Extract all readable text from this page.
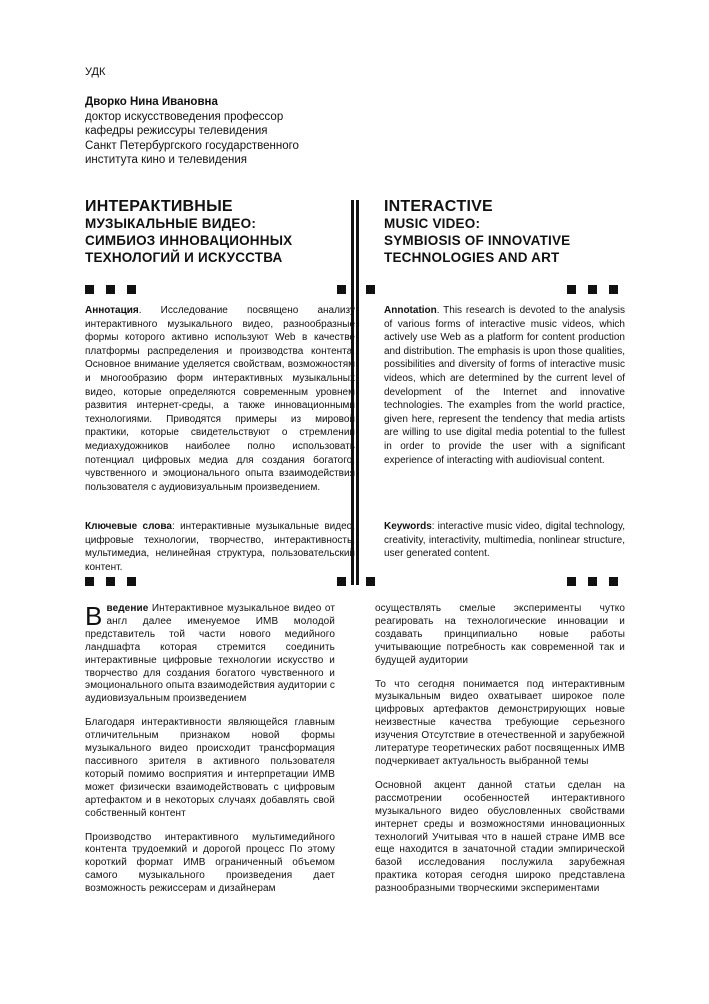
УДК
Дворко Нина Ивановна
доктор искусствоведения профессор
кафедры режиссуры телевидения
Санкт Петербургского государственного
института кино и телевидения
ИНТЕРАКТИВНЫЕ
МУЗЫКАЛЬНЫЕ ВИДЕО:
СИМБИОЗ ИННОВАЦИОННЫХ
ТЕХНОЛОГИЙ И ИСКУССТВА
INTERACTIVE
MUSIC VIDEO:
SYMBIOSIS OF INNOVATIVE
TECHNOLOGIES AND ART
Аннотация. Исследование посвящено анализу интерактивного музыкального видео, разнообразные формы которого активно используют Web в качестве платформы распределения и производства контента. Основное внимание уделяется свойствам, возможностям и многообразию форм интерактивных музыкальных видео, которые определяются современным уровнем развития интернет-среды, а также инновационными технологиями. Приводятся примеры из мировой практики, которые свидетельствуют о стремлении медиахудожников наиболее полно использовать потенциал цифровых медиа для создания богатого, чувственного и эмоционального опыта взаимодействия пользователя с аудиовизуальным произведением.
Ключевые слова: интерактивные музыкальные видео, цифровые технологии, творчество, интерактивность, мультимедиа, нелинейная структура, пользовательский контент.
Annotation. This research is devoted to the analysis of various forms of interactive music videos, which actively use Web as a platform for content production and distribution. The emphasis is upon those qualities, possibilities and diversity of forms of interactive music videos, which are determined by the current level of development of the Internet and innovative technologies. The examples from the world practice, given here, represent the tendency that media artists are willing to use digital media potential to the fullest in order to provide the user with a significant experience of interacting with audiovisual content.
Keywords: interactive music video, digital technology, creativity, interactivity, multimedia, nonlinear structure, user generated content.

Введение Интерактивное музыкальное видео от англ далее именуемое ИМВ молодой представитель той части нового медийного ландшафта которая стремится соединить интерактивные цифровые технологии искусство и творчество для создания богатого чувственного и эмоционального опыта взаимодействия аудитории с аудиовизуальным произведением

Благодаря интерактивности являющейся главным отличительным признаком новой формы музыкального видео происходит трансформация пассивного зрителя в активного пользователя который помимо восприятия и интерпретации ИМВ может физически взаимодействовать с цифровым артефактом и в некоторых случаях добавлять свой собственный контент

Производство интерактивного мультимедийного контента трудоемкий и дорогой процесс По этому короткий формат ИМВ ограниченный объемом самого музыкального произведения дает возможность режиссерам и дизайнерам

осуществлять смелые эксперименты чутко реагировать на технологические инновации и создавать принципиально новые работы учитывающие потребность как современной так и будущей аудитории

То что сегодня понимается под интерактивным музыкальным видео охватывает широкое поле цифровых артефактов демонстрирующих новые неизвестные качества требующие серьезного изучения Отсутствие в отечественной и зарубежной литературе теоретических работ посвященных ИМВ подчеркивает актуальность выбранной темы

Основной акцент данной статьи сделан на рассмотрении особенностей интерактивного музыкального видео обусловленных свойствами интернет среды и возможностями инновационных технологий Учитывая что в нашей стране ИМВ все еще находится в зачаточной стадии эмпирической базой исследования послужила зарубежная практика которая сегодня широко представлена разнообразными творческими экспериментами
